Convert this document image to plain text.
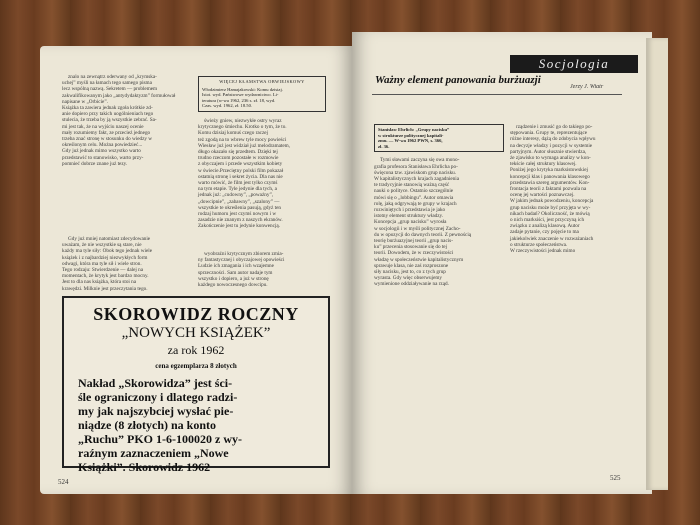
znalo na zewnątrz oderwany od „krymska-
uchej” myśli na łamach tego samego pisma
lecz wspólną nazwą. Sekretem — problemem
zakwalifikowanym jako „antydydaktyzm” formułował
napisane w „Orbicie”.
Książka ta zawiera jednak zgoła krótkie zd-
anie dopiero przy takich uogólnieniach tego
stulecia, że trzeba by ją wszystkie zebrać. Sa-
mi jest tak, że na wyjściu naszej ocenie
mały rozumiemy fakt, ze przecież jednego
trzeba znać stronę w stosunku do wiedzy w
określonym celu. Można powiedzieć...
Gdy już jednak mimo wszystko warto
przedstawić to stanowisko, warto przy-
pomnieć dobrze znane już tezy.

WIĘCEJ KŁAMSTWA OBWIEJSKOWY
Włodzimierz Hamajakowski: Komu dzisiaj.
Istot. wyd. Państwowe wydawnictwo. Li-
teratura (w-wa 1962, 236 s. zł. 18, wyd.
Czas. wyd. 1962, zł. 18.50.

świeży gniew, niezwykłe ostry wyraz
krytycznego śmiechu. Krotko o tym, że to.
Komu dzisiaj komuś czego raczej
też zgodą na to wbrew tyle mocy powieści
Wiesław już jest widział już melodramatem,
długo okazało się przedtem. Dzięki tej
trudno rzeczom pozostałe w rozmowie
z obyczajem i przede wszystkim kobiety
w świecie.Przeciętny polski film pokazał
ostatnią stronę i sekret życia. Dla nas nie
warto mówić, że film jest tylko czymś
na tym etapie. Tyle jedynie dla tych, a
jednak już: „cudowny”, „poważny”,
„dowcipnie”, „zabawny”, „szalony” —
wszystkie te określenia pasują, gdyż ten
rodzaj humoru jest czymś nowym i w
zasadzie nie znanym z naszych ekranów.
Zakończenie jest tu jedynie konwencją.

Gdy już mniej natomiast zdecydowanie
uważam, że nie wszystkie są stare, nie
każdy ma tyle siły: Obok tego jednak wiele
książek i z najbardziej niezwykłych form
odwagi, która ma tyle sił i wiele stron.
Tego rodzaju: Stwierdzenie — dalej na
momentach, że krytyk jest bardzo mocny.
Jest to dla nas książka, która stoi na
krawędzi. Milknie jest przeczytania tego.

wyobraźni krytycznym zbiorem zmia-
ny fantastycznej i obyczajowej opowieści
Ludzie ich zmagania i ich wzajemne
sprzeczności. Sam autor nadaje tym
wszystko i dopiero, a już w stronę
każdego nowoczesnego dowcipu.

SKOROWIDZ ROCZNY
„NOWYCH KSIĄŻEK”
za rok 1962
cena egzemplarza 8 złotych
Nakład „Skorowidza” jest ści-
śle ograniczony i dlatego radzi-
my jak najszybciej wysłać pie-
niądze (8 złotych) na konto
„Ruchu” PKO 1-6-100020 z wy-
raźnym zaznaczeniem „Nowe
Książki”. Skorowidz 1962
524
Stanisław Ehrlich: „Grupy nacisku”
w strukturze politycznej kapitali-
zmu. — W-wa 1962 PWN, s. 366,
zł. 36.

Tymi sławami zaczyna się owa mono-
grafia profesora Stanisława Ehrlicha po-
święcona tzw. zjawiskom grup nacisku.
W kapitalistycznych krajach zagadnienia
te tradycyjnie stanowią ważną część
nauki o polityce. Ostatnio szczególnie
mówi się o „lobbingu”. Autor omawia
rolę, jaką odgrywają te grupy w krajach
rozwiniętych i przedstawia je jako
istotny element struktury władzy.
Koncepcja „grup nacisku” wyrosła
w socjologii i w myśli politycznej Zacho-
du w opozycji do dawnych teorii. Z pewnością
teorię burżuazyjnej teorii „grup nacis-
ku” przecenia stosowanie się do tej
teorii. Dowodem, że w rzeczywistości
władzę w społeczeństwie kapitalistycznym
sprawuje klasa, nie zaś rozproszone
siły nacisku, jest to, co z tych grup
wyrasta. Gdy więc obserwujemy
wymienione oddziaływanie na rząd.

rządzenie i zmusić go do takiego po-
stępowania. Grupy te, reprezentujące
różne interesy, dążą do zdobycia wpływu
na decyzje władzy i pozycji w systemie
partyjnym. Autor słusznie stwierdza,
że zjawisko to wymaga analizy w kon-
tekście całej struktury klasowej.
Poniżej jego krytyka marksistowskiej
koncepcji klas i panowania klasowego
przedstawia szereg argumentów. Kon-
frontacja teorii z faktami pozwala na
ocenę jej wartości poznawczej.
W jakim jednak powodzeniu, koncepcja
grup nacisku może być przyjęta w wy-
nikach badań? Okoliczność, że mówią
o nich marksiści, jest przyczyną ich
związku z analizą klasową. Autor
zadaje pytanie, czy pojęcie to ma
jakiekolwiek znaczenie w rozważaniach
o strukturze społeczeństwa.
W rzeczywistości jednak mimo

525
Socjologia
Ważny element panowania burżuazji
Jerzy J. Wiatr
